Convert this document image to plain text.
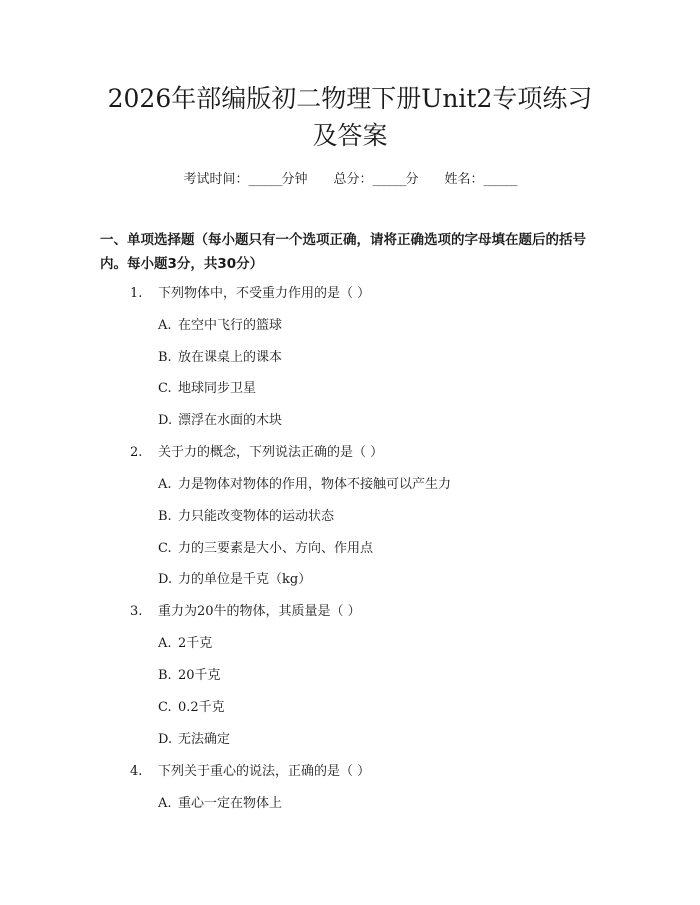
2026年部编版初二物理下册Unit2专项练习
及答案
考试时间：______分钟 总分：______分 姓名：______

一、单项选择题（每小题只有一个选项正确，请将正确选项的字母填在题后的括号内。每小题3分，共30分）

1. 下列物体中，不受重力作用的是（ ）
A. 在空中飞行的篮球
B. 放在课桌上的课本
C. 地球同步卫星
D. 漂浮在水面的木块
2. 关于力的概念，下列说法正确的是（ ）
A. 力是物体对物体的作用，物体不接触可以产生力
B. 力只能改变物体的运动状态
C. 力的三要素是大小、方向、作用点
D. 力的单位是千克（kg）
3. 重力为20牛的物体，其质量是（ ）
A. 2千克
B. 20千克
C. 0.2千克
D. 无法确定
4. 下列关于重心的说法，正确的是（ ）
A. 重心一定在物体上
